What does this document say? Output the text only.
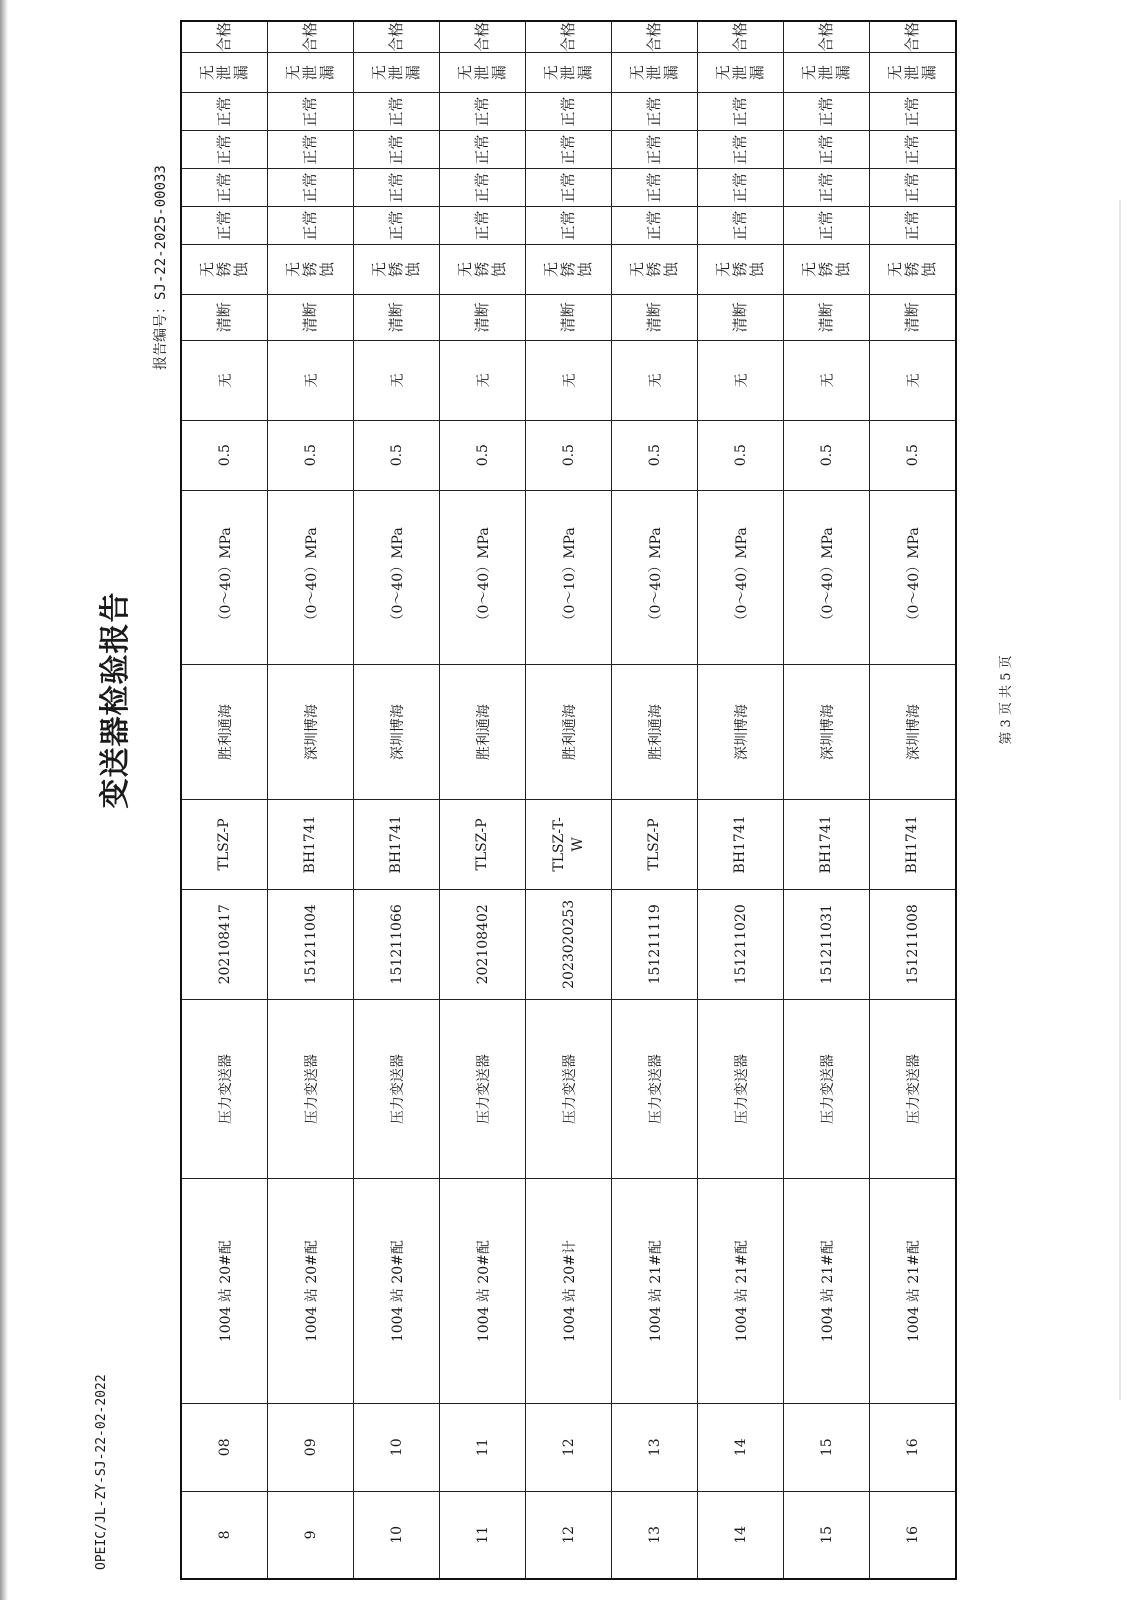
OPEIC/JL-ZY-SJ-22-02-2022
变送器检验报告
报告编号：SJ-22-2025-00033
8	08	1004 站 20#配	压力变送器	202108417	TLSZ-P	胜利通海	（0～40）MPa	0.5	无	清断	无锈蚀	正常	正常	正常	正常	无泄漏	合格
9	09	1004 站 20#配	压力变送器	151211004	BH1741	深圳博海	（0～40）MPa	0.5	无	清断	无锈蚀	正常	正常	正常	正常	无泄漏	合格
10	10	1004 站 20#配	压力变送器	151211066	BH1741	深圳博海	（0～40）MPa	0.5	无	清断	无锈蚀	正常	正常	正常	正常	无泄漏	合格
11	11	1004 站 20#配	压力变送器	202108402	TLSZ-P	胜利通海	（0～40）MPa	0.5	无	清断	无锈蚀	正常	正常	正常	正常	无泄漏	合格
12	12	1004 站 20#计	压力变送器	2023020253	TLSZ-T-W	胜利通海	（0～10）MPa	0.5	无	清断	无锈蚀	正常	正常	正常	正常	无泄漏	合格
13	13	1004 站 21#配	压力变送器	151211119	TLSZ-P	胜利通海	（0～40）MPa	0.5	无	清断	无锈蚀	正常	正常	正常	正常	无泄漏	合格
14	14	1004 站 21#配	压力变送器	151211020	BH1741	深圳博海	（0～40）MPa	0.5	无	清断	无锈蚀	正常	正常	正常	正常	无泄漏	合格
15	15	1004 站 21#配	压力变送器	151211031	BH1741	深圳博海	（0～40）MPa	0.5	无	清断	无锈蚀	正常	正常	正常	正常	无泄漏	合格
16	16	1004 站 21#配	压力变送器	151211008	BH1741	深圳博海	（0～40）MPa	0.5	无	清断	无锈蚀	正常	正常	正常	正常	无泄漏	合格
第 3 页 共 5 页
